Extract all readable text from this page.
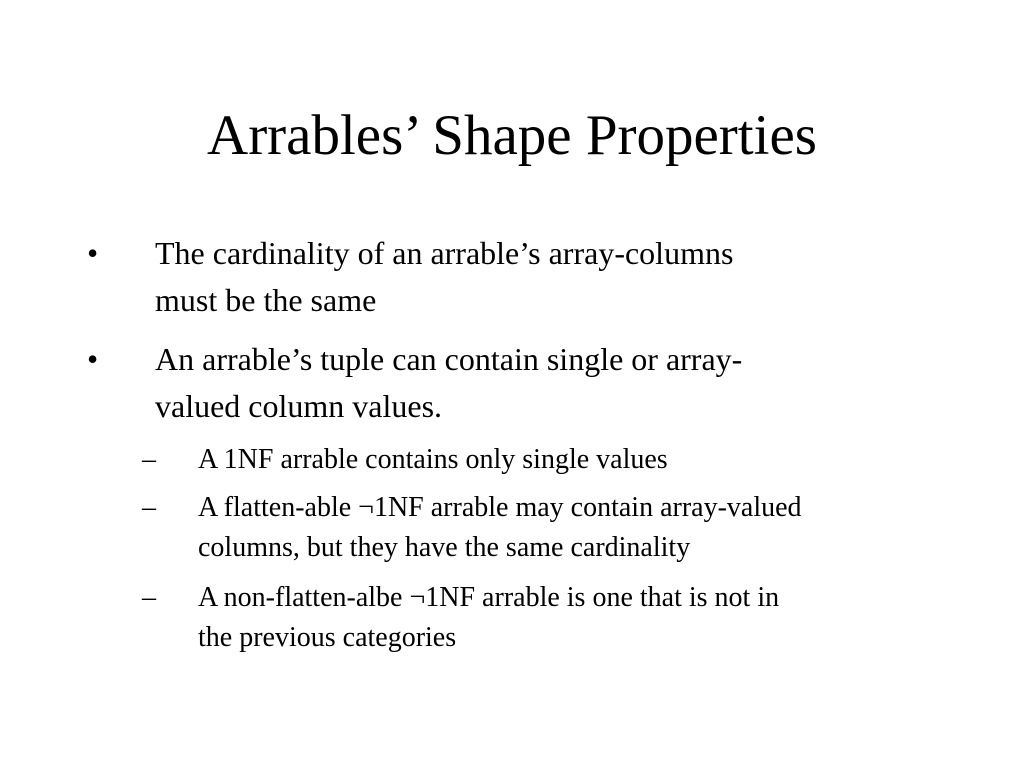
Arrables’ Shape Properties
•	The cardinality of an arrable’s array-columns
must be the same
•	An arrable’s tuple can contain single or array-
valued column values.
–	A 1NF arrable contains only single values
–	A flatten-able ¬1NF arrable may contain array-valued
columns, but they have the same cardinality
–	A non-flatten-albe ¬1NF arrable is one that is not in
the previous categories
